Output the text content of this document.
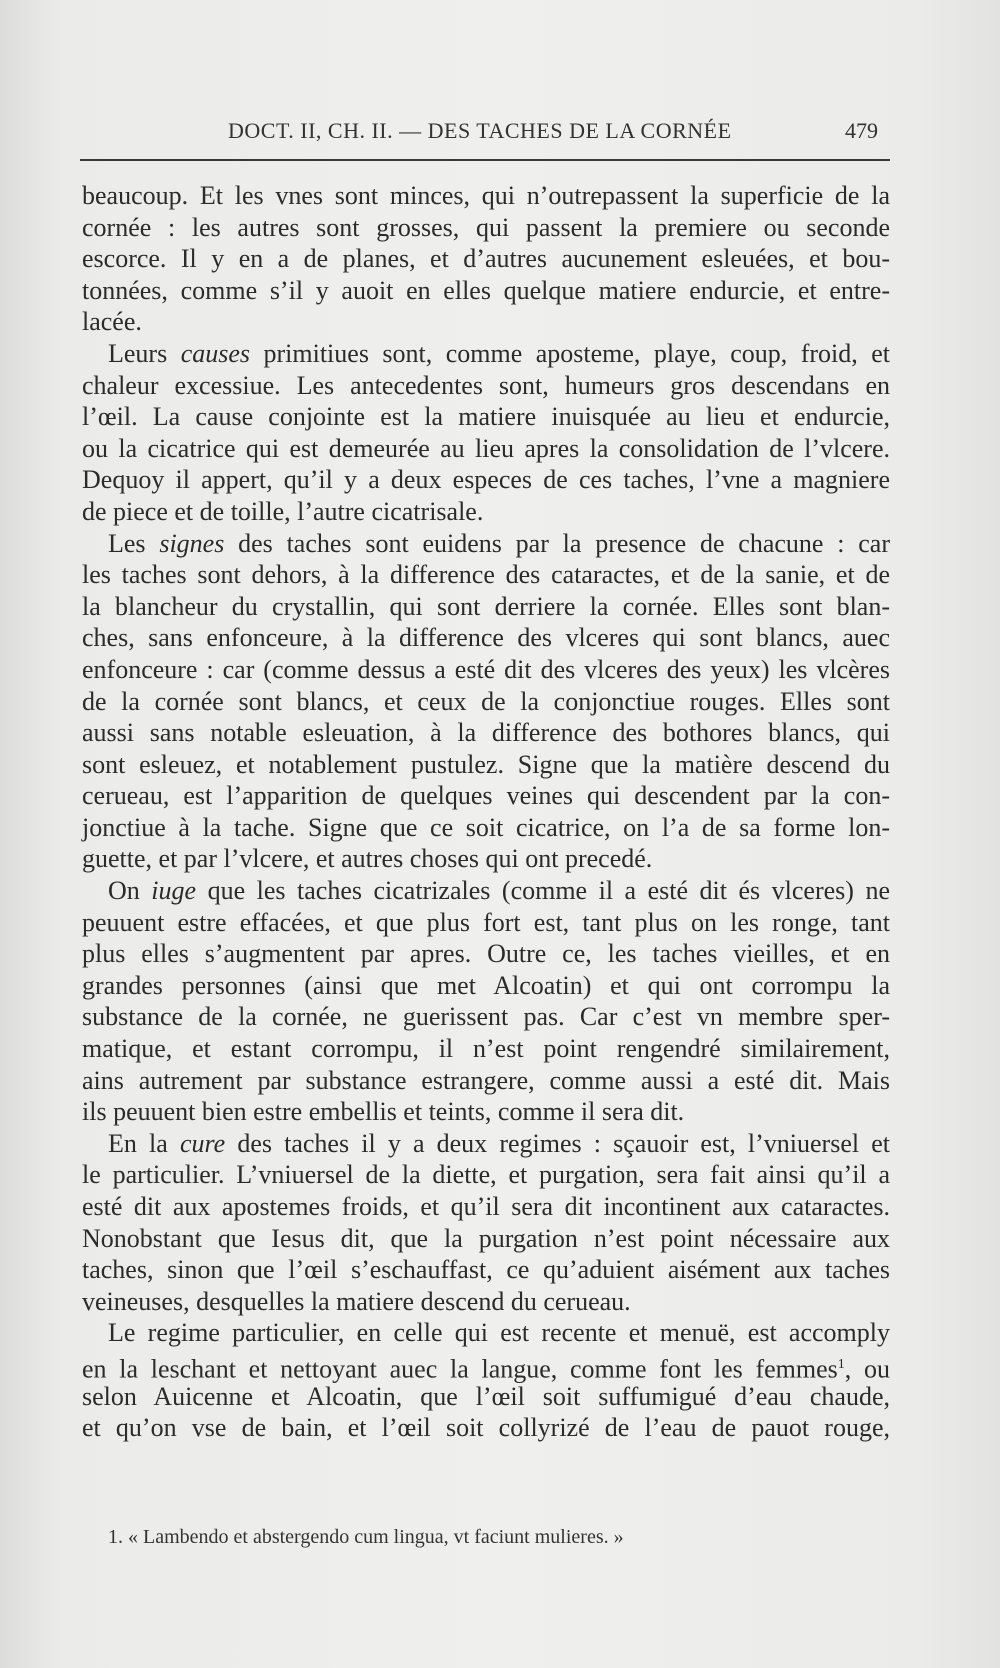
DOCT. II, CH. II. — DES TACHES DE LA CORNÉE	479
beaucoup. Et les vnes sont minces, qui n’outrepassent la superficie de la
cornée : les autres sont grosses, qui passent la premiere ou seconde
escorce. Il y en a de planes, et d’autres aucunement esleuées, et bou-
tonnées, comme s’il y auoit en elles quelque matiere endurcie, et entre-
lacée.
Leurs causes primitiues sont, comme aposteme, playe, coup, froid, et
chaleur excessiue. Les antecedentes sont, humeurs gros descendans en
l’œil. La cause conjointe est la matiere inuisquée au lieu et endurcie,
ou la cicatrice qui est demeurée au lieu apres la consolidation de l’vlcere.
Dequoy il appert, qu’il y a deux especes de ces taches, l’vne a magniere
de piece et de toille, l’autre cicatrisale.
Les signes des taches sont euidens par la presence de chacune : car
les taches sont dehors, à la difference des cataractes, et de la sanie, et de
la blancheur du crystallin, qui sont derriere la cornée. Elles sont blan-
ches, sans enfonceure, à la difference des vlceres qui sont blancs, auec
enfonceure : car (comme dessus a esté dit des vlceres des yeux) les vlcères
de la cornée sont blancs, et ceux de la conjonctiue rouges. Elles sont
aussi sans notable esleuation, à la difference des bothores blancs, qui
sont esleuez, et notablement pustulez. Signe que la matière descend du
cerueau, est l’apparition de quelques veines qui descendent par la con-
jonctiue à la tache. Signe que ce soit cicatrice, on l’a de sa forme lon-
guette, et par l’vlcere, et autres choses qui ont precedé.
On iuge que les taches cicatrizales (comme il a esté dit és vlceres) ne
peuuent estre effacées, et que plus fort est, tant plus on les ronge, tant
plus elles s’augmentent par apres. Outre ce, les taches vieilles, et en
grandes personnes (ainsi que met Alcoatin) et qui ont corrompu la
substance de la cornée, ne guerissent pas. Car c’est vn membre sper-
matique, et estant corrompu, il n’est point rengendré similairement,
ains autrement par substance estrangere, comme aussi a esté dit. Mais
ils peuuent bien estre embellis et teints, comme il sera dit.
En la cure des taches il y a deux regimes : sçauoir est, l’vniuersel et
le particulier. L’vniuersel de la diette, et purgation, sera fait ainsi qu’il a
esté dit aux apostemes froids, et qu’il sera dit incontinent aux cataractes.
Nonobstant que Iesus dit, que la purgation n’est point nécessaire aux
taches, sinon que l’œil s’eschauffast, ce qu’aduient aisément aux taches
veineuses, desquelles la matiere descend du cerueau.
Le regime particulier, en celle qui est recente et menuë, est accomply
en la leschant et nettoyant auec la langue, comme font les femmes$^1$, ou
selon Auicenne et Alcoatin, que l’œil soit suffumigué d’eau chaude,
et qu’on vse de bain, et l’œil soit collyrizé de l’eau de pauot rouge,
1. « Lambendo et abstergendo cum lingua, vt faciunt mulieres. »
